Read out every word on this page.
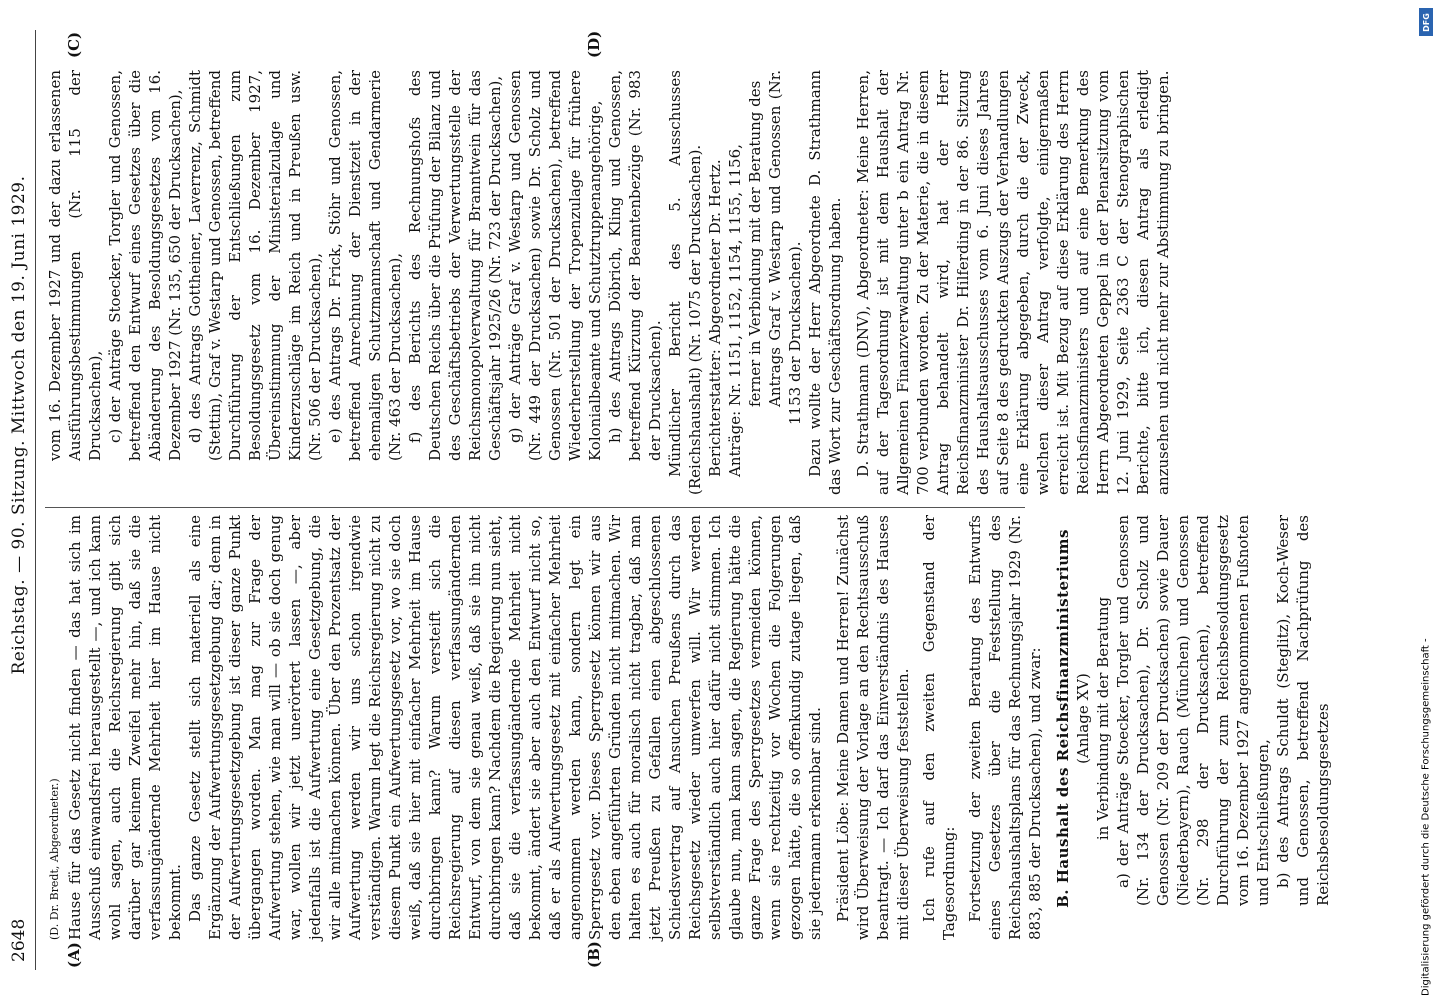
2648
Reichstag. — 90. Sitzung. Mittwoch den 19. Juni 1929.
(A)	(B)
(C)	(D)

(D. Dr. Bredt, Abgeordneter.) Hause für das Gesetz nicht finden — das hat sich im Ausschuß einwandsfrei herausgestellt —, und ich kann wohl sagen, auch die Reichsregierung gibt sich darüber gar keinem Zweifel mehr hin, daß sie die verfassungändernde Mehrheit hier im Hause nicht bekommt. Das ganze Gesetz stellt sich materiell als eine Ergänzung der Aufwertungsgesetzgebung dar; denn in der Aufwertungsgesetzgebung ist dieser ganze Punkt übergangen worden. Man mag zur Frage der Aufwertung stehen, wie man will — ob sie doch genug war, wollen wir jetzt unerörtert lassen —, aber jedenfalls ist die Aufwertung eine Gesetzgebung, die wir alle mitmachen können. Über den Prozentsatz der Aufwertung werden wir uns schon irgendwie verständigen. Warum legt die Reichsregierung nicht zu diesem Punkt ein Aufwertungsgesetz vor, wo sie doch weiß, daß sie hier mit einfacher Mehrheit im Hause durchbringen kann? Warum versteift sich die Reichsregierung auf diesen verfassungändernden Entwurf, von dem sie genau weiß, daß sie ihn nicht durchbringen kann? Nachdem die Regierung nun sieht, daß sie die verfassungändernde Mehrheit nicht bekommt, ändert sie aber auch den Entwurf nicht so, daß er als Aufwertungsgesetz mit einfacher Mehrheit angenommen werden kann, sondern legt ein Sperrgesetz vor. Dieses Sperrgesetz können wir aus den eben angeführten Gründen nicht mitmachen. Wir halten es auch für moralisch nicht tragbar, daß man jetzt Preußen zu Gefallen einen abgeschlossenen Schiedsvertrag auf Ansuchen Preußens durch das Reichsgesetz wieder umwerfen will. Wir werden selbstverständlich auch hier dafür nicht stimmen. Ich glaube nun, man kann sagen, die Regierung hätte die ganze Frage des Sperrgesetzes vermeiden können, wenn sie rechtzeitig vor Wochen die Folgerungen gezogen hätte, die so offenkundig zutage liegen, daß sie jedermann erkennbar sind. Präsident Löbe: Meine Damen und Herren! Zunächst wird Überweisung der Vorlage an den Rechtsausschuß beantragt. — Ich darf das Einverständnis des Hauses mit dieser Überweisung feststellen. Ich rufe auf den zweiten Gegenstand der Tagesordnung: Fortsetzung der zweiten Beratung des Entwurfs eines Gesetzes über die Feststellung des Reichshaushaltsplans für das Rechnungsjahr 1929 (Nr. 883, 885 der Drucksachen), und zwar: B. Haushalt des Reichsfinanzministeriums (Anlage XV) in Verbindung mit der Beratung a) der Anträge Stoecker, Torgler und Genossen (Nr. 134 der Drucksachen), Dr. Scholz und Genossen (Nr. 209 der Drucksachen) sowie Dauer (Niederbayern), Rauch (München) und Genossen (Nr. 298 der Drucksachen), betreffend Durchführung der zum Reichsbesoldungsgesetz vom 16. Dezember 1927 angenommenen Fußnoten und Entschließungen, b) des Antrags Schuldt (Steglitz), Koch-Weser und Genossen, betreffend Nachprüfung des Reichsbesoldungsgesetzes

vom 16. Dezember 1927 und der dazu erlassenen Ausführungsbestimmungen (Nr. 115 der Drucksachen), c) der Anträge Stoecker, Torgler und Genossen, betreffend den Entwurf eines Gesetzes über die Abänderung des Besoldungsgesetzes vom 16. Dezember 1927 (Nr. 135, 650 der Drucksachen), d) des Antrags Gottheiner, Laverrenz, Schmidt (Stettin), Graf v. Westarp und Genossen, betreffend Durchführung der Entschließungen zum Besoldungsgesetz vom 16. Dezember 1927, Übereinstimmung der Ministerialzulage und Kinderzuschläge im Reich und in Preußen usw. (Nr. 506 der Drucksachen), e) des Antrags Dr. Frick, Stöhr und Genossen, betreffend Anrechnung der Dienstzeit in der ehemaligen Schutzmannschaft und Gendarmerie (Nr. 463 der Drucksachen), f) des Berichts des Rechnungshofs des Deutschen Reichs über die Prüfung der Bilanz und des Geschäftsbetriebs der Verwertungsstelle der Reichsmonopolverwaltung für Branntwein für das Geschäftsjahr 1925/26 (Nr. 723 der Drucksachen), g) der Anträge Graf v. Westarp und Genossen (Nr. 449 der Drucksachen) sowie Dr. Scholz und Genossen (Nr. 501 der Drucksachen), betreffend Wiederherstellung der Tropenzulage für frühere Kolonialbeamte und Schutztruppenangehörige, h) des Antrags Döbrich, Kling und Genossen, betreffend Kürzung der Beamtenbezüge (Nr. 983 der Drucksachen). Mündlicher Bericht des 5. Ausschusses (Reichshaushalt) (Nr. 1075 der Drucksachen). Berichterstatter: Abgeordneter Dr. Hertz. Anträge: Nr. 1151, 1152, 1154, 1155, 1156, ferner in Verbindung mit der Beratung des Antrags Graf v. Westarp und Genossen (Nr. 1153 der Drucksachen). Dazu wollte der Herr Abgeordnete D. Strathmann das Wort zur Geschäftsordnung haben. D. Strathmann (DNV), Abgeordneter: Meine Herren, auf der Tagesordnung ist mit dem Haushalt der Allgemeinen Finanzverwaltung unter b ein Antrag Nr. 700 verbunden worden. Zu der Materie, die in diesem Antrag behandelt wird, hat der Herr Reichsfinanzminister Dr. Hilferding in der 86. Sitzung des Haushaltsausschusses vom 6. Juni dieses Jahres auf Seite 8 des gedruckten Auszugs der Verhandlungen eine Erklärung abgegeben, durch die der Zweck, welchen dieser Antrag verfolgte, einigermaßen erreicht ist. Mit Bezug auf diese Erklärung des Herrn Reichsfinanzministers und auf eine Bemerkung des Herrn Abgeordneten Geppel in der Plenarsitzung vom 12. Juni 1929, Seite 2363 C der Stenographischen Berichte, bitte ich, diesen Antrag als erledigt anzusehen und nicht mehr zur Abstimmung zu bringen.

DFG
Digitalisierung gefördert durch die Deutsche Forschungsgemeinschaft -
